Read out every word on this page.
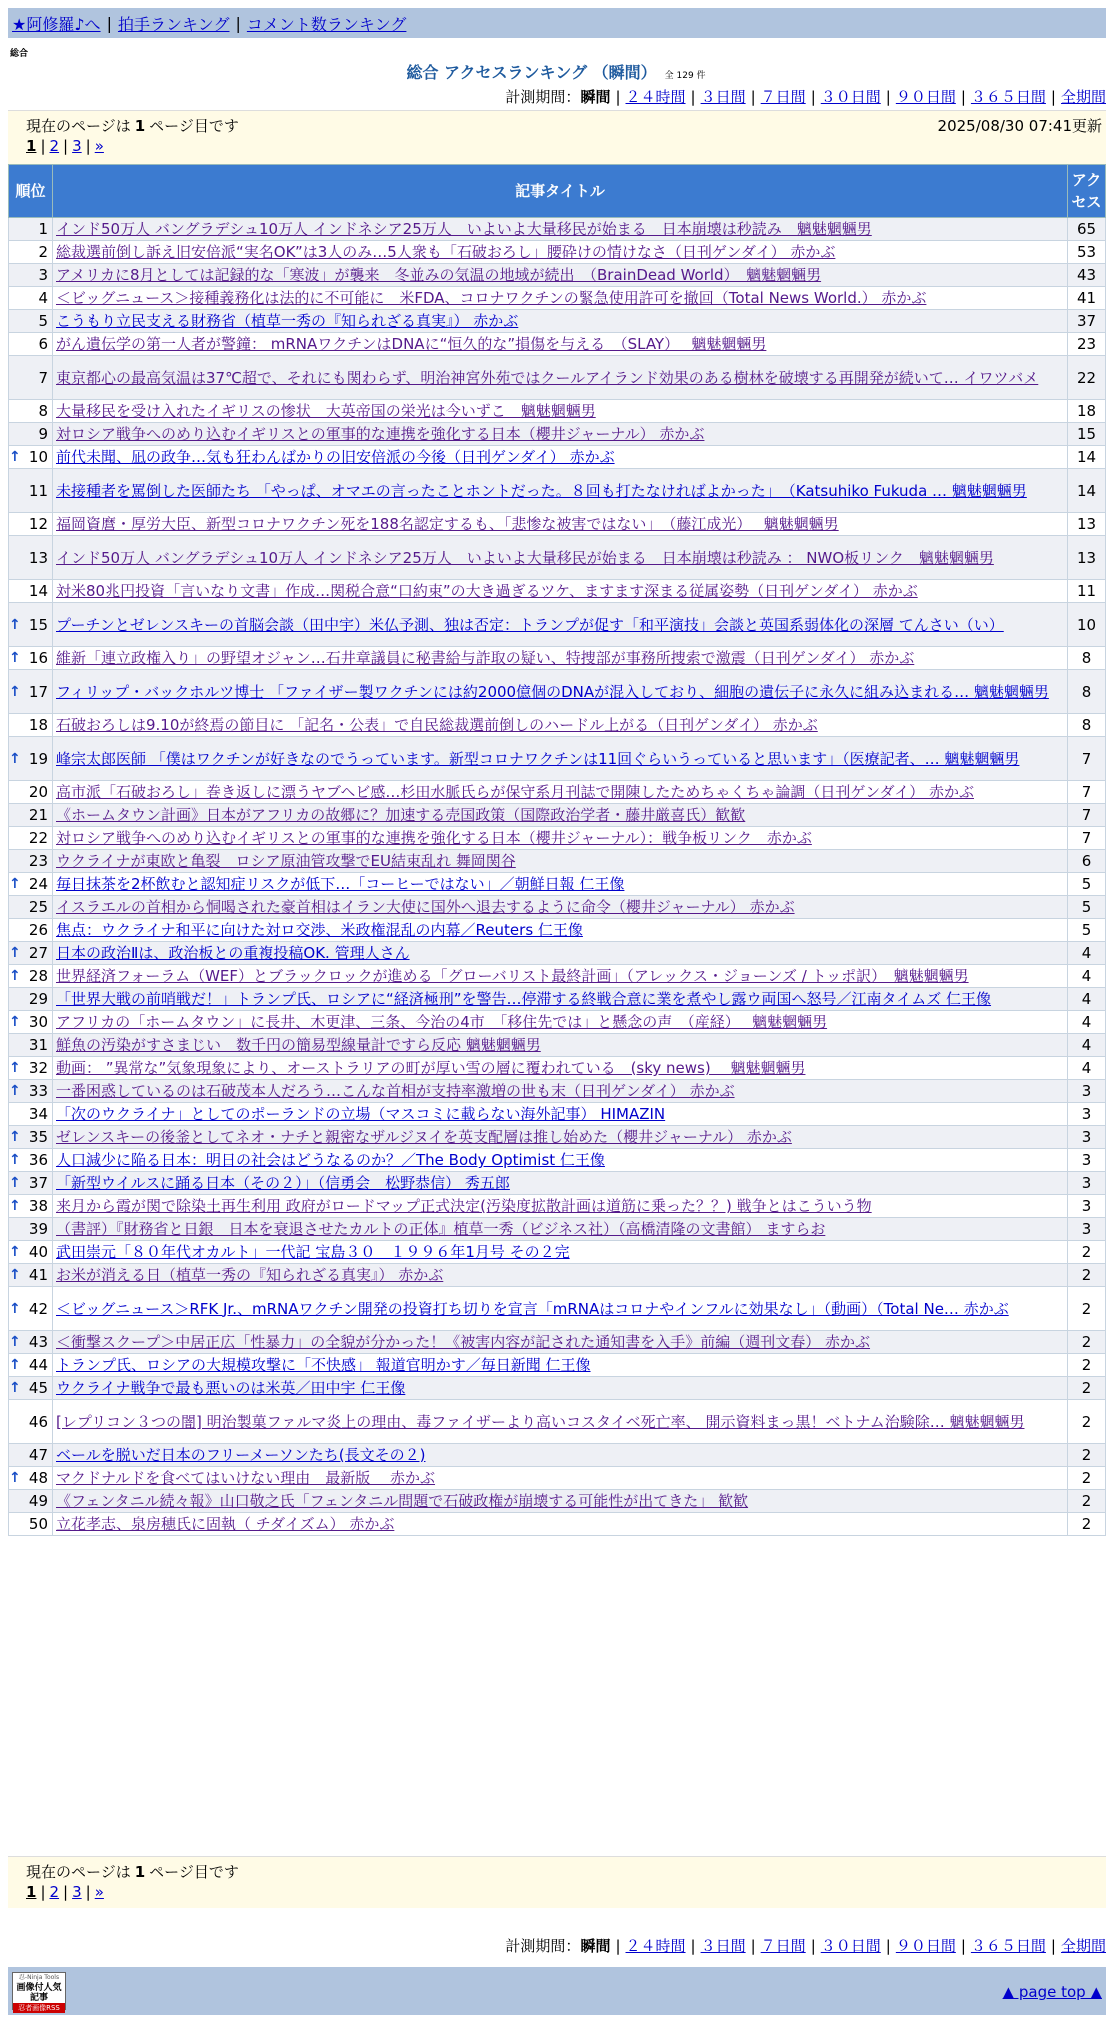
★阿修羅♪へ | 拍手ランキング | コメント数ランキング
総合
総合 アクセスランキング （瞬間） 全 129 件
計測期間：瞬間 | ２４時間 | ３日間 | ７日間 | ３０日間 | ９０日間 | ３６５日間 | 全期間
現在のページは 1 ページ目です	2025/08/30 07:41更新
1 | 2 | 3 | »
順位	記事タイトル	アクセス
1	インド50万人 バングラデシュ10万人 インドネシア25万人　いよいよ大量移民が始まる　日本崩壊は秒読み　魑魅魍魎男	65
2	総裁選前倒し訴え旧安倍派“実名OK”は3人のみ…5人衆も「石破おろし」腰砕けの情けなさ（日刊ゲンダイ） 赤かぶ	53
3	アメリカに8月としては記録的な「寒波」が襲来　冬並みの気温の地域が続出　（BrainDead World）　魑魅魍魎男	43
4	＜ビッグニュース＞接種義務化は法的に不可能に　米FDA、コロナワクチンの緊急使用許可を撤回（Total News World.） 赤かぶ	41
5	こうもり立民支える財務省（植草一秀の『知られざる真実』） 赤かぶ	37
6	がん遺伝学の第一人者が警鐘： mRNAワクチンはDNAに“恒久的な”損傷を与える　（SLAY）　 魑魅魍魎男	23
7	東京都心の最高気温は37℃超で、それにも関わらず、明治神宮外苑ではクールアイランド効果のある樹林を破壊する再開発が続いて… イワツバメ	22
8	大量移民を受け入れたイギリスの惨状　大英帝国の栄光は今いずこ　魑魅魍魎男	18
9	対ロシア戦争へのめり込むイギリスとの軍事的な連携を強化する日本（櫻井ジャーナル） 赤かぶ	15

↑ 10	前代未聞、凪の政争…気も狂わんばかりの旧安倍派の今後（日刊ゲンダイ） 赤かぶ	14
11	未接種者を罵倒した医師たち 「やっぱ、オマエの言ったことホントだった。８回も打たなければよかった」　（Katsuhiko Fukuda … 魑魅魍魎男	14
12	福岡資麿・厚労大臣、新型コロナワクチン死を188名認定するも、「悲惨な被害ではない」　（藤江成光）　 魑魅魍魎男	13
13	インド50万人 バングラデシュ10万人 インドネシア25万人　いよいよ大量移民が始まる　日本崩壊は秒読み ： NWO板リンク　魑魅魍魎男	13
14	対米80兆円投資「言いなり文書」作成…関税合意“口約束”の大き過ぎるツケ、ますます深まる従属姿勢（日刊ゲンダイ） 赤かぶ	11

↑ 15	プーチンとゼレンスキーの首脳会談（田中宇）米仏予測、独は否定：トランプが促す「和平演技」会談と英国系弱体化の深層 てんさい（い）	10

↑ 16	維新「連立政権入り」の野望オジャン…石井章議員に秘書給与詐取の疑い、特捜部が事務所捜索で激震（日刊ゲンダイ） 赤かぶ	8

↑ 17	フィリップ・バックホルツ博士 「ファイザー製ワクチンには約2000億個のDNAが混入しており、細胞の遺伝子に永久に組み込まれる… 魑魅魍魎男	8
18	石破おろしは9.10が終焉の節目に 「記名・公表」で自民総裁選前倒しのハードル上がる（日刊ゲンダイ） 赤かぶ	8

↑ 19	峰宗太郎医師 「僕はワクチンが好きなのでうっています。新型コロナワクチンは11回ぐらいうっていると思います」（医療記者、… 魑魅魍魎男	7
20	高市派「石破おろし」巻き返しに漂うヤブヘビ感…杉田水脈氏らが保守系月刊誌で開陳したためちゃくちゃ論調（日刊ゲンダイ） 赤かぶ	7
21	《ホームタウン計画》日本がアフリカの故郷に？加速する売国政策（国際政治学者・藤井厳喜氏）歓歓	7
22	対ロシア戦争へのめり込むイギリスとの軍事的な連携を強化する日本（櫻井ジャーナル）：戦争板リンク　赤かぶ	7
23	ウクライナが東欧と亀裂　ロシア原油管攻撃でEU結束乱れ 舞岡関谷	6

↑ 24	毎日抹茶を2杯飲むと認知症リスクが低下…「コーヒーではない」／朝鮮日報 仁王像	5
25	イスラエルの首相から恫喝された豪首相はイラン大使に国外へ退去するように命令（櫻井ジャーナル） 赤かぶ	5
26	焦点：ウクライナ和平に向けた対ロ交渉、米政権混乱の内幕／Reuters 仁王像	5

↑ 27	日本の政治Ⅱは、政治板との重複投稿OK. 管理人さん	4

↑ 28	世界経済フォーラム（WEF）とブラックロックが進める「グローバリスト最終計画」（アレックス・ジョーンズ / トッポ訳）　魑魅魍魎男	4
29	「世界大戦の前哨戦だ！」トランプ氏、ロシアに“経済極刑”を警告…停滞する終戦合意に業を煮やし露ウ両国へ怒号／江南タイムズ 仁王像	4

↑ 30	アフリカの「ホームタウン」に長井、木更津、三条、今治の4市　「移住先では」と懸念の声　（産経）　 魑魅魍魎男	4
31	鮮魚の汚染がすさまじい　数千円の簡易型線量計ですら反応 魑魅魍魎男	4

↑ 32	動画： ”異常な”気象現象により、オーストラリアの町が厚い雪の層に覆われている　(sky news)　 魑魅魍魎男	4

↑ 33	一番困惑しているのは石破茂本人だろう…こんな首相が支持率激増の世も末（日刊ゲンダイ） 赤かぶ	3
34	「次のウクライナ」としてのポーランドの立場（マスコミに載らない海外記事） HIMAZIN	3

↑ 35	ゼレンスキーの後釜としてネオ・ナチと親密なザルジヌイを英支配層は推し始めた（櫻井ジャーナル） 赤かぶ	3

↑ 36	人口減少に陥る日本：明日の社会はどうなるのか？／The Body Optimist 仁王像	3

↑ 37	「新型ウイルスに踊る日本（その２）」（信勇会　松野恭信） 秀五郎	3

↑ 38	来月から霞が関で除染土再生利用 政府がロードマップ正式決定(汚染度拡散計画は道筋に乗った？？) 戦争とはこういう物	3
39	（書評）『財務省と日銀　日本を衰退させたカルトの正体』植草一秀（ビジネス社）（高橋清隆の文書館） ますらお	3

↑ 40	武田崇元「８０年代オカルト」一代記 宝島３０　１９９６年1月号 その２完	2

↑ 41	お米が消える日（植草一秀の『知られざる真実』） 赤かぶ	2

↑ 42	＜ビッグニュース＞RFK Jr.、mRNAワクチン開発の投資打ち切りを宣言「mRNAはコロナやインフルに効果なし」（動画）（Total Ne… 赤かぶ	2

↑ 43	＜衝撃スクープ＞中居正広「性暴力」の全貌が分かった！《被害内容が記された通知書を入手》前編（週刊文春） 赤かぶ	2

↑ 44	トランプ氏、ロシアの大規模攻撃に「不快感」 報道官明かす／毎日新聞 仁王像	2

↑ 45	ウクライナ戦争で最も悪いのは米英／田中宇 仁王像	2
46	[レプリコン３つの闇] 明治製菓ファルマ炎上の理由、毒ファイザーより高いコスタイベ死亡率、 開示資料まっ黒！ベトナム治験除… 魑魅魍魎男	2
47	ベールを脱いだ日本のフリーメーソンたち(長文その２)	2

↑ 48	マクドナルドを食べてはいけない理由　最新版　 赤かぶ	2
49	《フェンタニル続々報》山口敬之氏「フェンタニル問題で石破政権が崩壊する可能性が出てきた」 歓歓	2
50	立花孝志、泉房穂氏に固執（ チダイズム） 赤かぶ	2
現在のページは 1 ページ目です
1 | 2 | 3 | »
計測期間：瞬間 | ２４時間 | ３日間 | ７日間 | ３０日間 | ９０日間 | ３６５日間 | 全期間
忍-Ninja Tools
画像付人気記事
忍者画像RSS
▲ page top ▲
